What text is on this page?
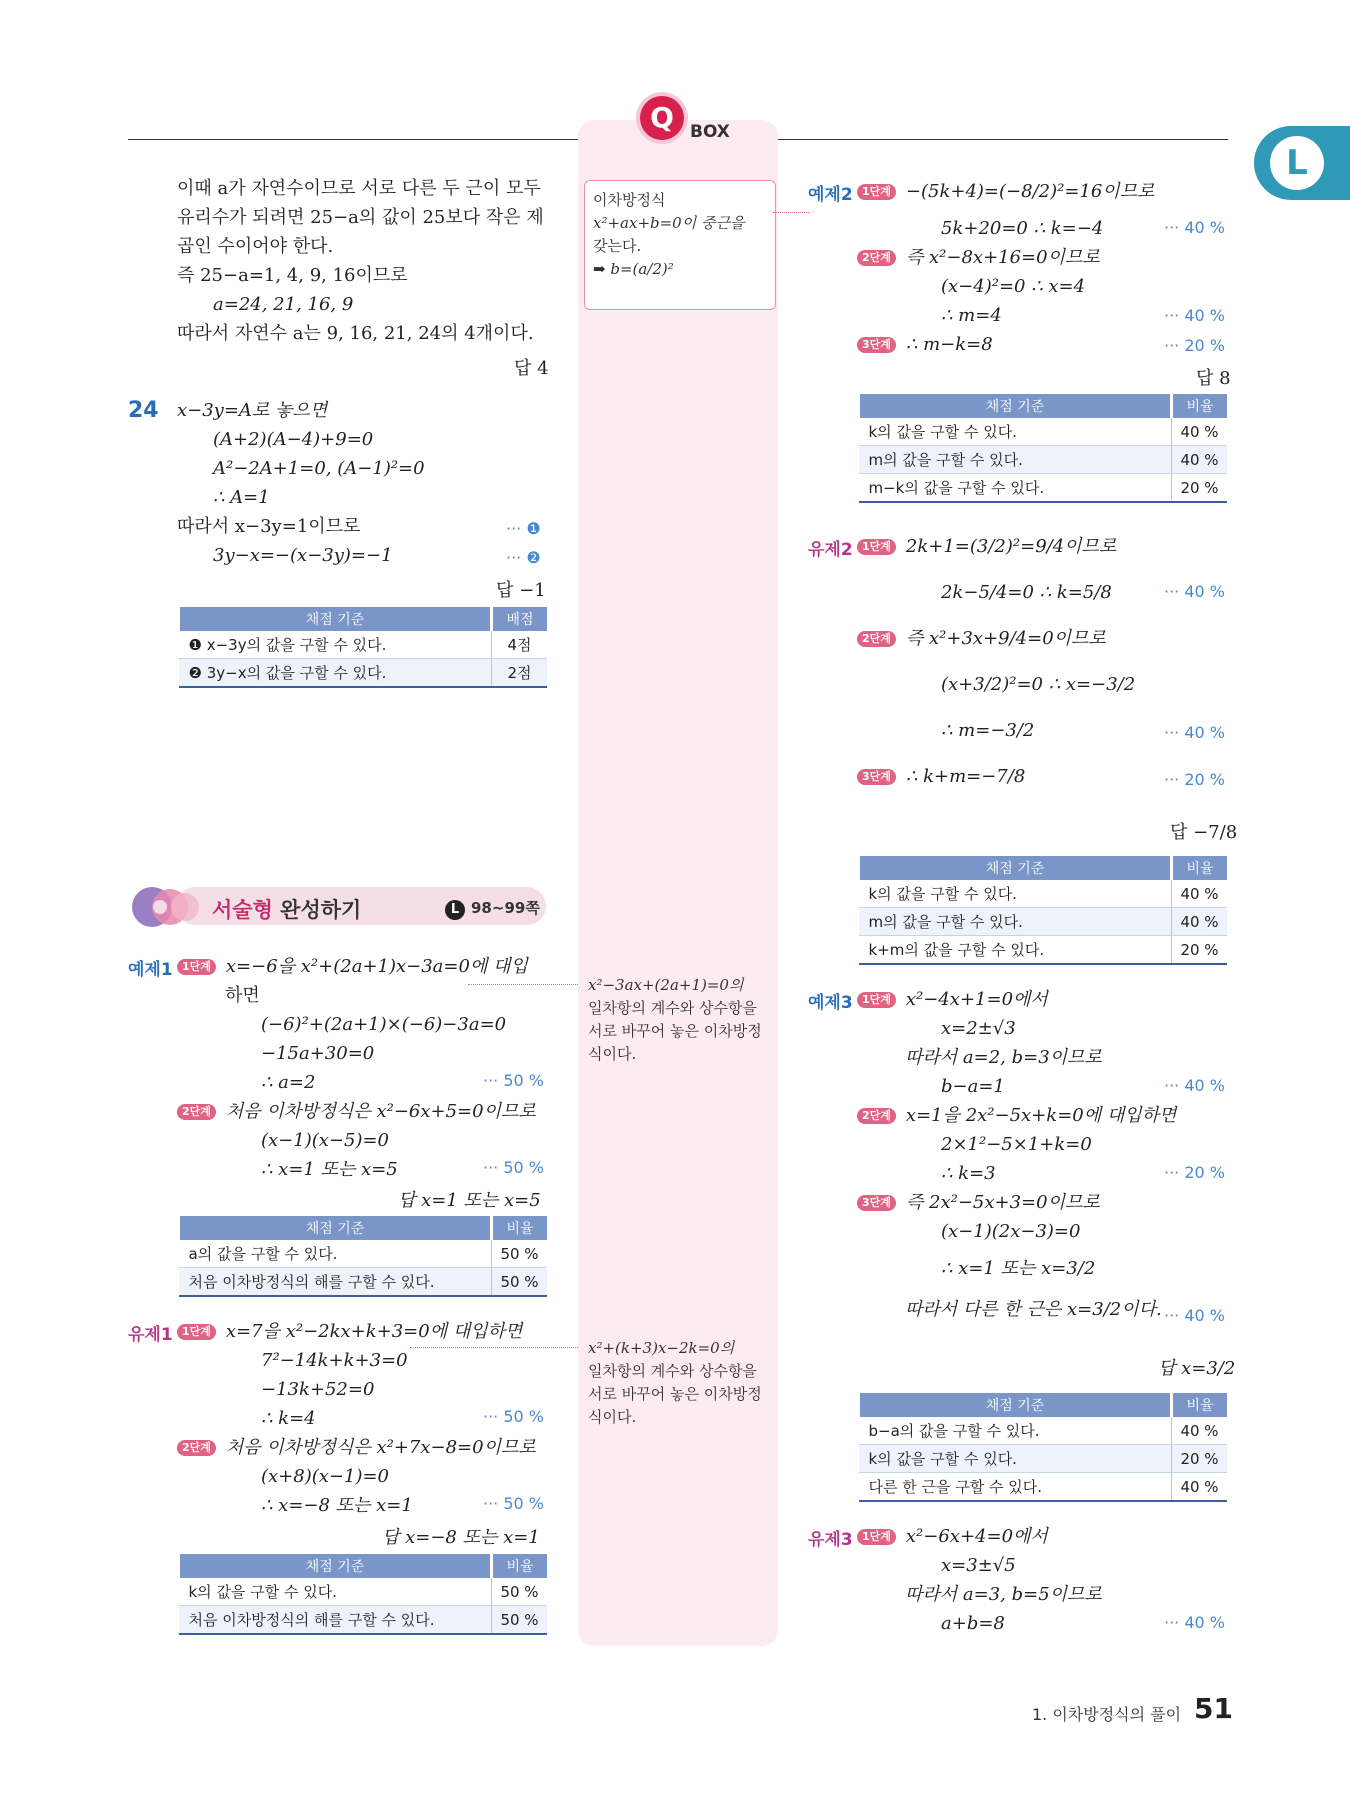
Q BOX
L
이차방정식
x²+ax+b=0이 중근을
갖는다.
➡ b=(a/2)²
x²−3ax+(2a+1)=0의
일차항의 계수와 상수항을
서로 바꾸어 놓은 이차방정
식이다.
x²+(k+3)x−2k=0의
일차항의 계수와 상수항을
서로 바꾸어 놓은 이차방정
식이다.
이때 a가 자연수이므로 서로 다른 두 근이 모두
유리수가 되려면 25−a의 값이 25보다 작은 제
곱인 수이어야 한다.
즉 25−a=1, 4, 9, 16이므로
a=24, 21, 16, 9
따라서 자연수 a는 9, 16, 21, 24의 4개이다.
답 4
24 x−3y=A로 놓으면
(A+2)(A−4)+9=0
A²−2A+1=0, (A−1)²=0
∴ A=1
따라서 x−3y=1이므로
3y−x=−(x−3y)=−1
··· ❶
··· ❷
답 −1
채점 기준	배점
❶ x−3y의 값을 구할 수 있다.	4점
❷ 3y−x의 값을 구할 수 있다.	2점
서술형 완성하기	L 98~99쪽
예제1 1단계 x=−6을 x²+(2a+1)x−3a=0에 대입
하면
(−6)²+(2a+1)×(−6)−3a=0
−15a+30=0
∴ a=2
2단계 처음 이차방정식은 x²−6x+5=0이므로
(x−1)(x−5)=0
∴ x=1 또는 x=5
··· 50 %
··· 50 %
답 x=1 또는 x=5
채점 기준	비율
a의 값을 구할 수 있다.	50 %
처음 이차방정식의 해를 구할 수 있다.	50 %
유제1 1단계 x=7을 x²−2kx+k+3=0에 대입하면
7²−14k+k+3=0
−13k+52=0
∴ k=4
2단계 처음 이차방정식은 x²+7x−8=0이므로
(x+8)(x−1)=0
∴ x=−8 또는 x=1
··· 50 %
··· 50 %
답 x=−8 또는 x=1
채점 기준	비율
k의 값을 구할 수 있다.	50 %
처음 이차방정식의 해를 구할 수 있다.	50 %
예제2 1단계 −(5k+4)=(−8/2)²=16이므로
5k+20=0 ∴ k=−4
2단계 즉 x²−8x+16=0이므로
(x−4)²=0 ∴ x=4
∴ m=4
3단계 ∴ m−k=8
··· 40 %
··· 40 %
··· 20 %
답 8
채점 기준	비율
k의 값을 구할 수 있다.	40 %
m의 값을 구할 수 있다.	40 %
m−k의 값을 구할 수 있다.	20 %
유제2 1단계 2k+1=(3/2)²=9/4이므로
2k−5/4=0 ∴ k=5/8
2단계 즉 x²+3x+9/4=0이므로
(x+3/2)²=0 ∴ x=−3/2
∴ m=−3/2
3단계 ∴ k+m=−7/8
··· 40 %
··· 40 %
··· 20 %
답 −7/8
채점 기준	비율
k의 값을 구할 수 있다.	40 %
m의 값을 구할 수 있다.	40 %
k+m의 값을 구할 수 있다.	20 %
예제3 1단계 x²−4x+1=0에서
x=2±√3
따라서 a=2, b=3이므로
b−a=1
2단계 x=1을 2x²−5x+k=0에 대입하면
2×1²−5×1+k=0
∴ k=3
3단계 즉 2x²−5x+3=0이므로
(x−1)(2x−3)=0
∴ x=1 또는 x=3/2
따라서 다른 한 근은 x=3/2이다.
··· 40 %
··· 20 %
··· 40 %
답 x=3/2
채점 기준	비율
b−a의 값을 구할 수 있다.	40 %
k의 값을 구할 수 있다.	20 %
다른 한 근을 구할 수 있다.	40 %
유제3 1단계 x²−6x+4=0에서
x=3±√5
따라서 a=3, b=5이므로
a+b=8	··· 40 %
1. 이차방정식의 풀이 51
